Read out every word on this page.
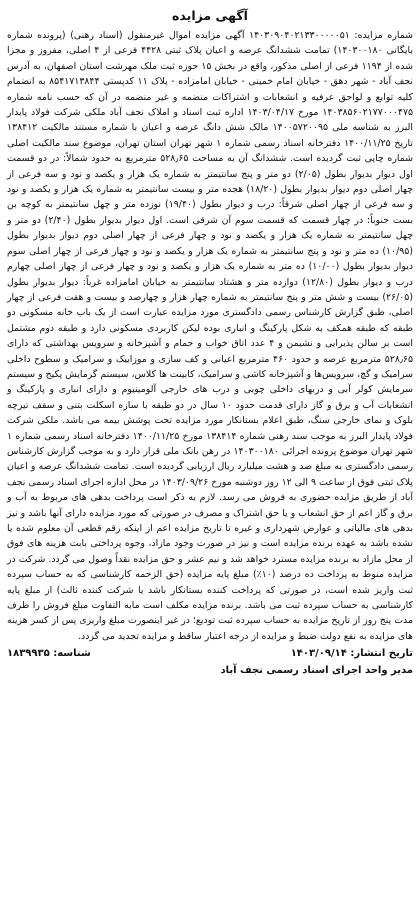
آگهی مزایده

شماره مزایده: ۱۴۰۳۰۹۰۴۰۲۱۳۳۰۰۰۰۰۵۱ آگهی مزایده اموال غیرمنقول (اسناد رهنی) (پرونده شماره بایگانی ۱۴۰۳۰۰۱۸۰) تمامت ششدانگ عرصه و اعیان پلاک ثبتی ۴۴۲۸ فرعی از ۴ اصلی، مفروز و مجزا شده از ۱۱۹۴ فرعی از اصلی مذکور، واقع در بخش ۱۵ حوزه ثبت ملک مهرشت استان اصفهان، به آدرس نجف آباد - شهر دهق - خیابان امام خمینی - خیابان امامزاده - پلاک ۱۱ کدپستی ۸۵۴۱۷۱۳۸۴۴ به انضمام کلیه توابع و لواحق عرفیه و انشعابات و اشتراکات منضمه و غیر منضمه در آن که حسب نامه شماره ۱۴۰۳۸۵۶۰۲۱۷۷۰۰۰۴۷۵ مورخ ۱۴۰۳/۰۴/۱۷ اداره ثبت اسناد و املاک نجف آباد ملکی شرکت فولاد پایدار البرز به شناسه ملی ۱۴۰۰۵۷۲۰۰۹۵ مالک شش دانگ عرصه و اعیان با شماره مستند مالکیت ۱۳۸۴۱۲ تاریخ ۱۴۰۰/۱۱/۲۵ دفترخانه اسناد رسمی شماره ۱ شهر تهران استان تهران، موضوع سند مالکیت اصلی شماره چاپی ثبت گردیده است. ششدانگ آن به مساحت ۵۲۸٫۶۵ مترمربع به حدود شمالاً: در دو قسمت اول دیوار بدیوار بطول (۲/۰۵) دو متر و پنج سانتیمتر به شماره یک هزار و یکصد و نود و سه فرعی از چهار اصلی دوم دیوار بدیوار بطول (۱۸/۲۰) هجده متر و بیست سانتیمتر به شماره یک هزار و یکصد و نود و سه فرعی از چهار اصلی شرقاً: درب و دیوار بطول (۱۹/۴۰) نوزده متر و چهل سانتیمتر به کوچه بن بست جنوباً: در چهار قسمت که قسمت سوم آن شرقی است. اول دیوار بدیوار بطول (۲/۴۰) دو متر و چهل سانتیمتر به شماره یک هزار و یکصد و نود و چهار فرعی از چهار اصلی دوم دیوار بدیوار بطول (۱۰/۹۵) ده متر و نود و پنج سانتیمتر به شماره یک هزار و یکصد و نود و چهار فرعی از چهار اصلی سوم دیوار بدیوار بطول (۱۰/۰۰) ده متر به شماره یک هزار و یکصد و نود و چهار فرعی از چهار اصلی چهارم درب و دیوار بطول (۱۲/۸۰) دوازده متر و هشتاد سانتیمتر به خیابان امامزاده غرباً: دیوار بدیوار بطول (۲۶/۰۵) بیست و شش متر و پنج سانتیمتر به شماره چهار هزار و چهارصد و بیست و هفت فرعی از چهار اصلی، طبق گزارش کارشناس رسمی دادگستری مورد مزایده عبارت است از یک باب خانه مسکونی دو طبقه که طبقه همکف به شکل پارکینگ و انباری بوده لیکن کاربردی مسکونی دارد و طبقه دوم مشتمل است بر سالن پذیرایی و نشیمن و ۴ عدد اتاق خواب و حمام و آشپزخانه و سرویس بهداشتی که دارای ۵۲۸٫۶۵ مترمربع عرصه و حدود ۴۶۰ مترمربع اعیانی و کف سازی و موزاییک و سرامیک و سطوح داخلی سرامیک و گچ، سرویس‌ها و آشپزخانه کاشی و سرامیک، کابینت ها کلاس، سیستم گرمایش پکیج و سیستم سرمایش کولر آبی و دربهای داخلی چوبی و درب های خارجی آلومینیوم و دارای انباری و پارکینگ و انشعابات آب و برق و گاز دارای قدمت حدود ۱۰ سال در دو طبقه با سازه اسکلت بتنی و سقف تیرچه بلوک و نمای خارجی سنگ، طبق اعلام بستانکار مورد مزایده تحت پوشش بیمه می باشد. ملکی شرکت فولاد پایدار البرز به موجب سند رهنی شماره ۱۳۸۴۱۴ مورخ ۱۴۰۰/۱۱/۲۵ دفترخانه اسناد رسمی شماره ۱ شهر تهران موضوع پرونده اجرائی ۱۴۰۳۰۰۱۸۰ در رهن بانک ملی قرار دارد و به موجب گزارش کارشناس رسمی دادگستری به مبلغ صد و هشت میلیارد ریال ارزیابی گردیده است. تمامت ششدانگ عرصه و اعیان پلاک ثبتی فوق از ساعت ۹ الی ۱۲ روز دوشنبه مورخ ۱۴۰۳/۰۹/۲۶ در محل اداره اجرای اسناد رسمی نجف آباد از طریق مزایده حضوری به فروش می رسد. لازم به ذکر است پرداخت بدهی های مربوط به آب و برق و گاز اعم از حق انشعاب و یا حق اشتراک و مصرف در صورتی که مورد مزایده دارای آنها باشد و نیز بدهی های مالیاتی و عوارض شهرداری و غیره تا تاریخ مزایده اعم از اینکه رقم قطعی آن معلوم شده یا نشده باشد به عهده برنده مزایده است و نیز در صورت وجود مازاد، وجوه پرداختی بابت هزینه های فوق از محل مازاد به برنده مزایده مسترد خواهد شد و نیم عشر و حق مزایده نقداً وصول می گردد. شرکت در مزایده منوط به پرداخت ده درصد (۱۰٪) مبلغ پایه مزایده (حق الزحمه کارشناسی که به حساب سپرده ثبت واریز شده است، در صورتی که پرداخت کننده بستانکار باشد یا شرکت کننده ثالث) از مبلغ پایه کارشناسی به حساب سپرده ثبت می باشد. برنده مزایده مکلف است مابه التفاوت مبلغ فروش را ظرف مدت پنج روز از تاریخ مزایده به حساب سپرده ثبت تودیع؛ در غیر اینصورت مبلغ واریزی پس از کسر هزینه های مزایده به نفع دولت ضبط و مزایده از درجه اعتبار ساقط و مزایده تجدید می گردد.

تاریخ انتشار: ۱۴۰۳/۰۹/۱۴
شناسه: ۱۸۳۹۹۳۵
مدیر واحد اجرای اسناد رسمی نجف آباد
